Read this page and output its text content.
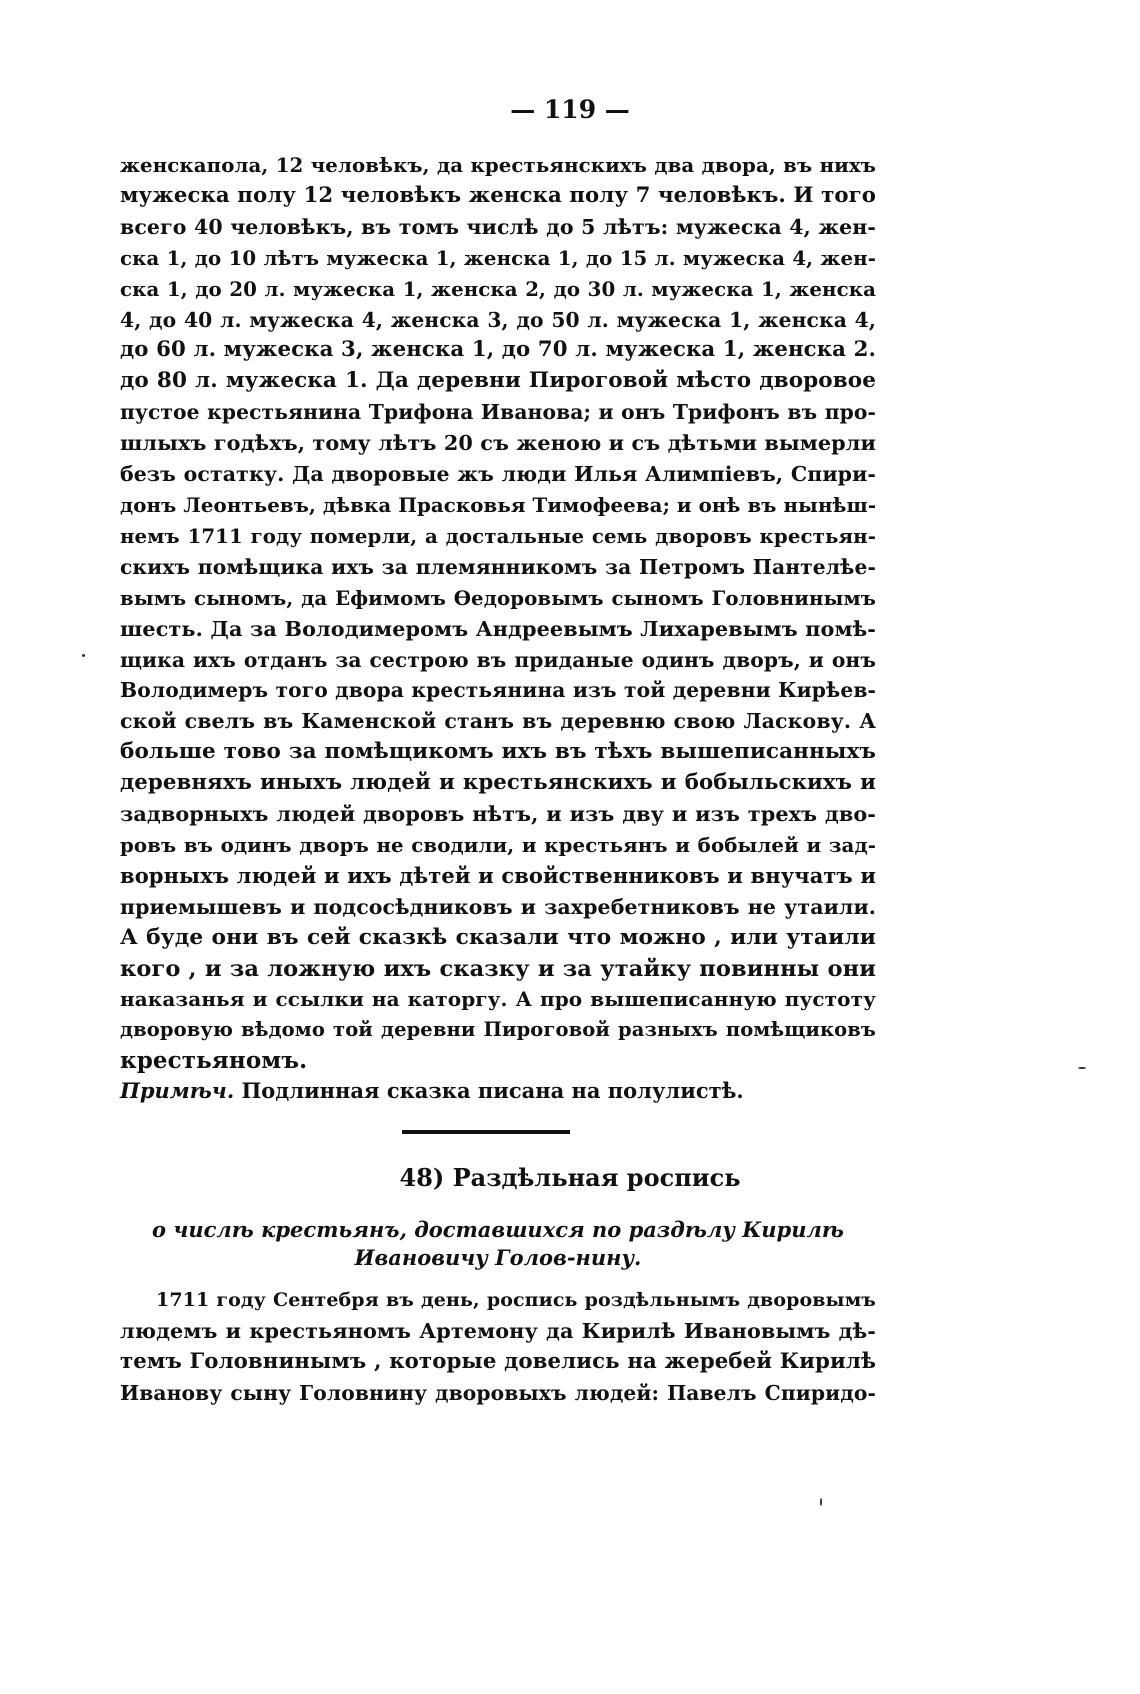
— 119 —
женскаполa, 12 человѣкъ, да крестьянскихъ двa двора, въ нихъ
мужеска полу 12 человѣкъ женска полу 7 человѣкъ. И того
всего 40 человѣкъ, въ томъ числѣ до 5 лѣтъ: мужеска 4, жен-
ска 1, до 10 лѣтъ мужеска 1, женска 1, до 15 л. мужеска 4, жен-
ска 1, до 20 л. мужеска 1, женска 2, до 30 л. мужеска 1, женска
4, до 40 л. мужеска 4, женска 3, до 50 л. мужеска 1, женска 4,
до 60 л. мужеска 3, женска 1, до 70 л. мужеска 1, женска 2.
до 80 л. мужеска 1. Да деревни Пироговой мѣсто дворовое
пустое крестьянина Трифона Иванова; и онъ Трифонъ въ про-
шлыхъ годѣхъ, тому лѣтъ 20 съ женою и съ дѣтьми вымерли
безъ остатку. Да дворовые жъ люди Илья Алимпіевъ, Спири-
донъ Леонтьевъ, дѣвка Прасковья Тимофеева; и онѣ въ нынѣш-
немъ 1711 году померли, а достальные семь дворовъ крестьян-
скихъ помѣщика ихъ за племянникомъ за Петромъ Пантелѣе-
вымъ сыномъ, да Ефимомъ Ѳедоровымъ сыномъ Головнинымъ
шесть. Да за Володимеромъ Андреевымъ Лихаревымъ помѣ-
щика ихъ отданъ за сестрою въ приданые одинъ дворъ, и онъ
Володимеръ того двора крестьянина изъ той деревни Кирѣев-
ской свелъ въ Каменской станъ въ деревню свою Ласкову. А
больше тово за помѣщикомъ ихъ въ тѣхъ вышеписанныхъ
деревняхъ иныхъ людей и крестьянскихъ и бобыльскихъ и
задворныхъ людей дворовъ нѣтъ, и изъ дву и изъ трехъ дво-
ровъ въ одинъ дворъ не сводили, и крестьянъ и бобылей и зад-
ворныхъ людей и ихъ дѣтей и свойственниковъ и внучатъ и
приемышевъ и подсосѣдниковъ и захребетниковъ не утаили.
А буде они въ сей сказкѣ сказали что можно , или утаили
кого , и за ложную ихъ сказку и за утайку повинны они
наказанья и ссылки на каторгу. А про вышеписанную пустоту
дворовую вѣдомо той деревни Пироговой разныхъ помѣщиковъ
крестьяномъ.
Примѣч. Подлинная сказка писана на полулистѣ.
48) Раздѣльная роспись
о числѣ крестьянъ, доставшихся по раздѣлу Кирилѣ Ивановичу Голов-нину.
1711 году Сентебря въ день, роспись роздѣльнымъ дворовымъ
людемъ и крестьяномъ Артемону да Кирилѣ Ивановымъ дѣ-
темъ Головнинымъ , которые довелись на жеребей Кирилѣ
Иванову сыну Головнину дворовыхъ людей: Павелъ Спиридо-
